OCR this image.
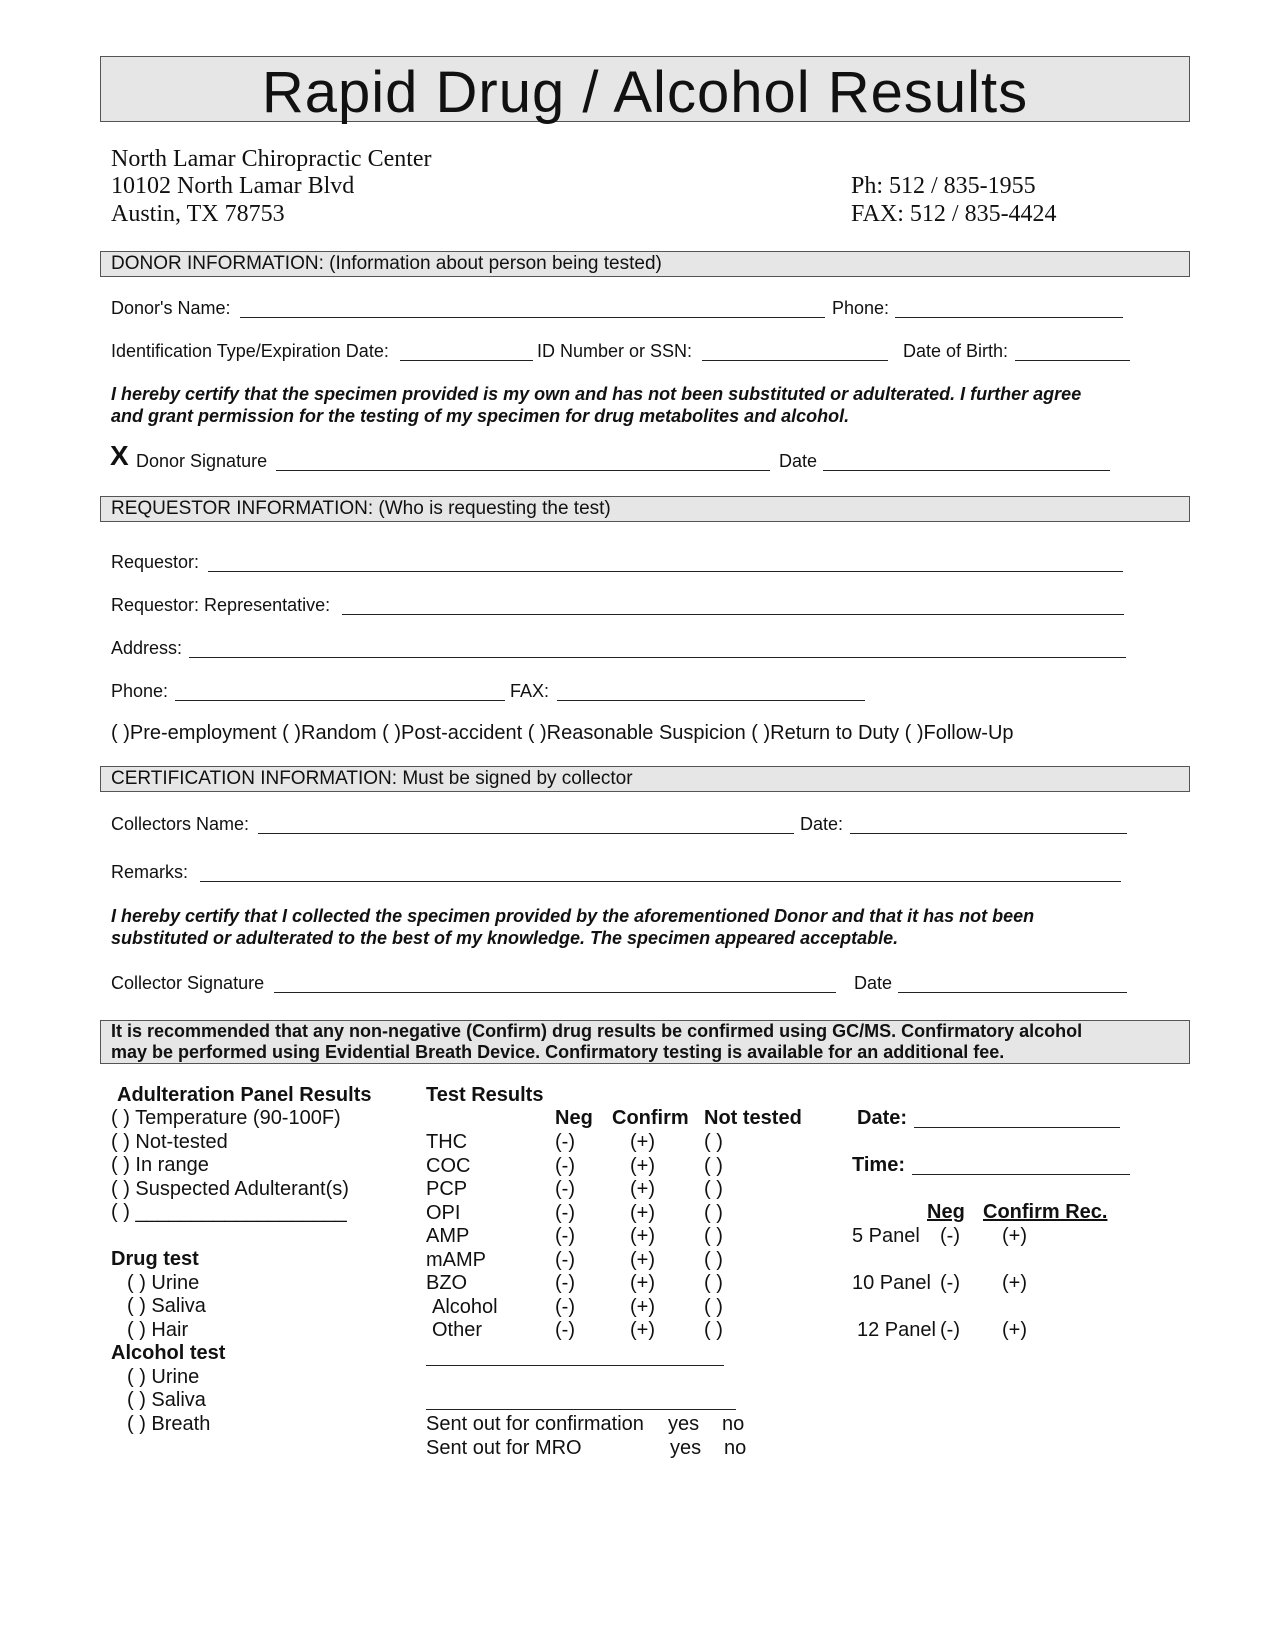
Rapid Drug / Alcohol Results
North Lamar Chiropractic Center
10102 North Lamar Blvd
Austin, TX 78753
Ph: 512 / 835-1955
FAX: 512 / 835-4424
DONOR INFORMATION: (Information about person being tested)
Donor's Name:	Phone:
Identification Type/Expiration Date:	ID Number or SSN:	Date of Birth:
I hereby certify that the specimen provided is my own and has not been substituted or adulterated. I further agree
and grant permission for the testing of my specimen for drug metabolites and alcohol.
X Donor Signature	Date
REQUESTOR INFORMATION: (Who is requesting the test)
Requestor:
Requestor: Representative:
Address:
Phone:	FAX:
( )Pre-employment ( )Random ( )Post-accident ( )Reasonable Suspicion ( )Return to Duty ( )Follow-Up
CERTIFICATION INFORMATION: Must be signed by collector
Collectors Name:	Date:
Remarks:
I hereby certify that I collected the specimen provided by the aforementioned Donor and that it has not been
substituted or adulterated to the best of my knowledge. The specimen appeared acceptable.
Collector Signature	Date
It is recommended that any non-negative (Confirm) drug results be confirmed using GC/MS. Confirmatory alcohol
may be performed using Evidential Breath Device. Confirmatory testing is available for an additional fee.
Adulteration Panel Results
( ) Temperature (90-100F)
( ) Not-tested
( ) In range
( ) Suspected Adulterant(s)
( ) ___________________
Drug test
( ) Urine
( ) Saliva
( ) Hair
Alcohol test
( ) Urine
( ) Saliva
( ) Breath
Test Results
Neg Confirm Not tested
THC	(-)	(+) ( )
COC	(-)	(+) ( )
PCP	(-)	(+) ( )
OPI	(-)	(+) ( )
AMP	(-)	(+) ( )
mAMP	(-)	(+) ( )
BZO	(-)	(+) ( )
Alcohol	(-)	(+) ( )
Other	(-)	(+) ( )
Sent out for confirmation yes no
Sent out for MRO	yes no
Date:
Time:
Neg Confirm Rec.
5 Panel (-) (+)
10 Panel (-) (+)
12 Panel (-) (+)
